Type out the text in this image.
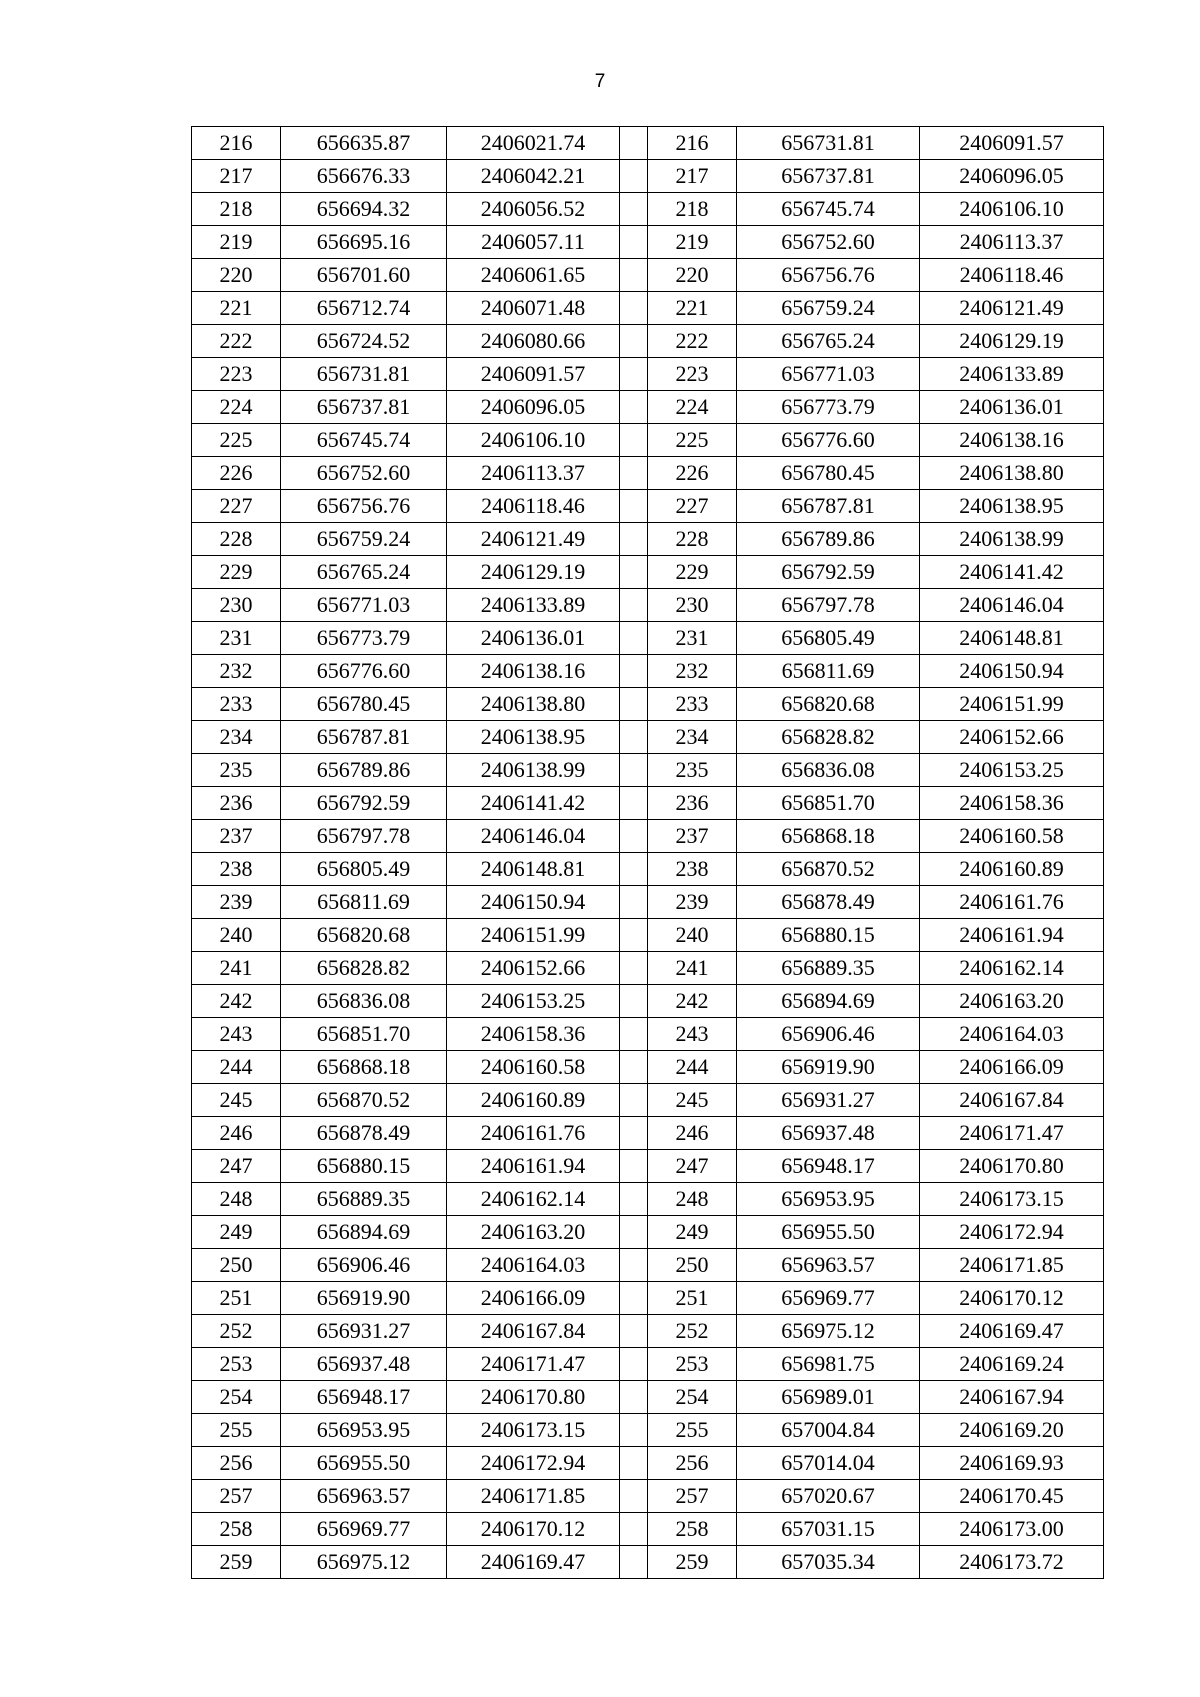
7
216	656635.87	2406021.74		216	656731.81	2406091.57
217	656676.33	2406042.21		217	656737.81	2406096.05
218	656694.32	2406056.52		218	656745.74	2406106.10
219	656695.16	2406057.11		219	656752.60	2406113.37
220	656701.60	2406061.65		220	656756.76	2406118.46
221	656712.74	2406071.48		221	656759.24	2406121.49
222	656724.52	2406080.66		222	656765.24	2406129.19
223	656731.81	2406091.57		223	656771.03	2406133.89
224	656737.81	2406096.05		224	656773.79	2406136.01
225	656745.74	2406106.10		225	656776.60	2406138.16
226	656752.60	2406113.37		226	656780.45	2406138.80
227	656756.76	2406118.46		227	656787.81	2406138.95
228	656759.24	2406121.49		228	656789.86	2406138.99
229	656765.24	2406129.19		229	656792.59	2406141.42
230	656771.03	2406133.89		230	656797.78	2406146.04
231	656773.79	2406136.01		231	656805.49	2406148.81
232	656776.60	2406138.16		232	656811.69	2406150.94
233	656780.45	2406138.80		233	656820.68	2406151.99
234	656787.81	2406138.95		234	656828.82	2406152.66
235	656789.86	2406138.99		235	656836.08	2406153.25
236	656792.59	2406141.42		236	656851.70	2406158.36
237	656797.78	2406146.04		237	656868.18	2406160.58
238	656805.49	2406148.81		238	656870.52	2406160.89
239	656811.69	2406150.94		239	656878.49	2406161.76
240	656820.68	2406151.99		240	656880.15	2406161.94
241	656828.82	2406152.66		241	656889.35	2406162.14
242	656836.08	2406153.25		242	656894.69	2406163.20
243	656851.70	2406158.36		243	656906.46	2406164.03
244	656868.18	2406160.58		244	656919.90	2406166.09
245	656870.52	2406160.89		245	656931.27	2406167.84
246	656878.49	2406161.76		246	656937.48	2406171.47
247	656880.15	2406161.94		247	656948.17	2406170.80
248	656889.35	2406162.14		248	656953.95	2406173.15
249	656894.69	2406163.20		249	656955.50	2406172.94
250	656906.46	2406164.03		250	656963.57	2406171.85
251	656919.90	2406166.09		251	656969.77	2406170.12
252	656931.27	2406167.84		252	656975.12	2406169.47
253	656937.48	2406171.47		253	656981.75	2406169.24
254	656948.17	2406170.80		254	656989.01	2406167.94
255	656953.95	2406173.15		255	657004.84	2406169.20
256	656955.50	2406172.94		256	657014.04	2406169.93
257	656963.57	2406171.85		257	657020.67	2406170.45
258	656969.77	2406170.12		258	657031.15	2406173.00
259	656975.12	2406169.47		259	657035.34	2406173.72
